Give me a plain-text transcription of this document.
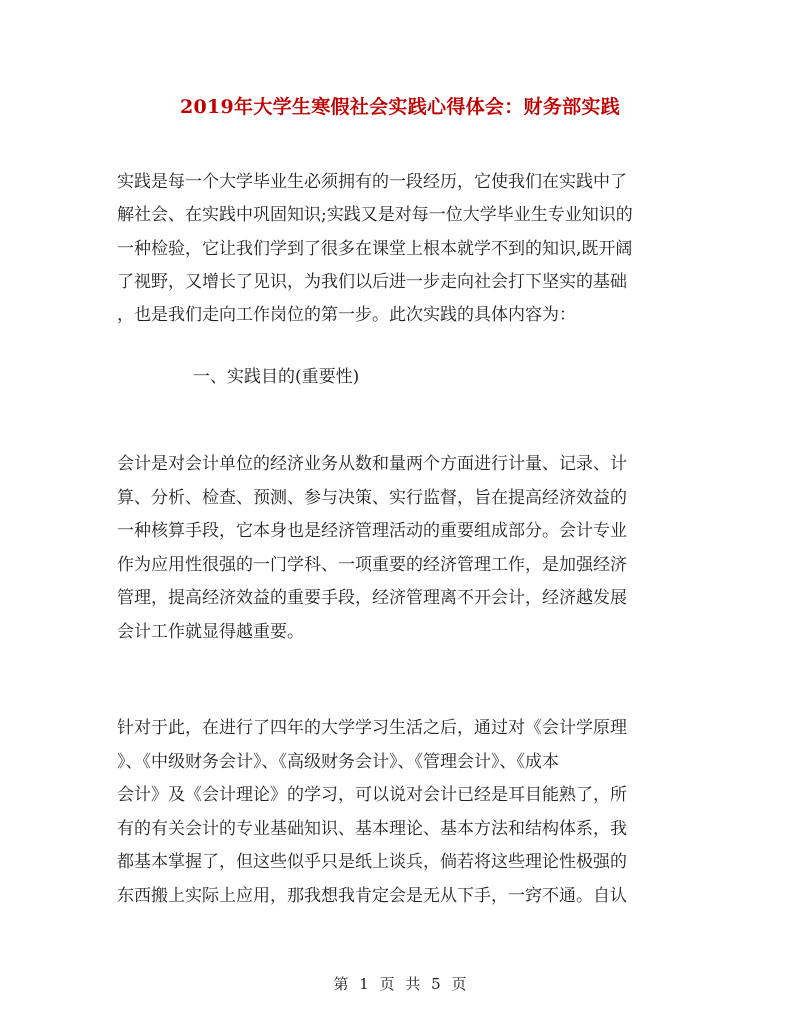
2019年大学生寒假社会实践心得体会：财务部实践
实践是每一个大学毕业生必须拥有的一段经历，它使我们在实践中了
解社会、在实践中巩固知识;实践又是对每一位大学毕业生专业知识的
一种检验，它让我们学到了很多在课堂上根本就学不到的知识,既开阔
了视野，又增长了见识，为我们以后进一步走向社会打下坚实的基础
，也是我们走向工作岗位的第一步。此次实践的具体内容为：
一、实践目的(重要性)
会计是对会计单位的经济业务从数和量两个方面进行计量、记录、计
算、分析、检查、预测、参与决策、实行监督，旨在提高经济效益的
一种核算手段，它本身也是经济管理活动的重要组成部分。会计专业
作为应用性很强的一门学科、一项重要的经济管理工作，是加强经济
管理，提高经济效益的重要手段，经济管理离不开会计，经济越发展
会计工作就显得越重要。
针对于此，在进行了四年的大学学习生活之后，通过对《会计学原理
》、《中级财务会计》、《高级财务会计》、《管理会计》、《成本
会计》及《会计理论》的学习，可以说对会计已经是耳目能熟了，所
有的有关会计的专业基础知识、基本理论、基本方法和结构体系，我
都基本掌握了，但这些似乎只是纸上谈兵，倘若将这些理论性极强的
东西搬上实际上应用，那我想我肯定会是无从下手，一窍不通。自认
第 1 页 共 5 页
